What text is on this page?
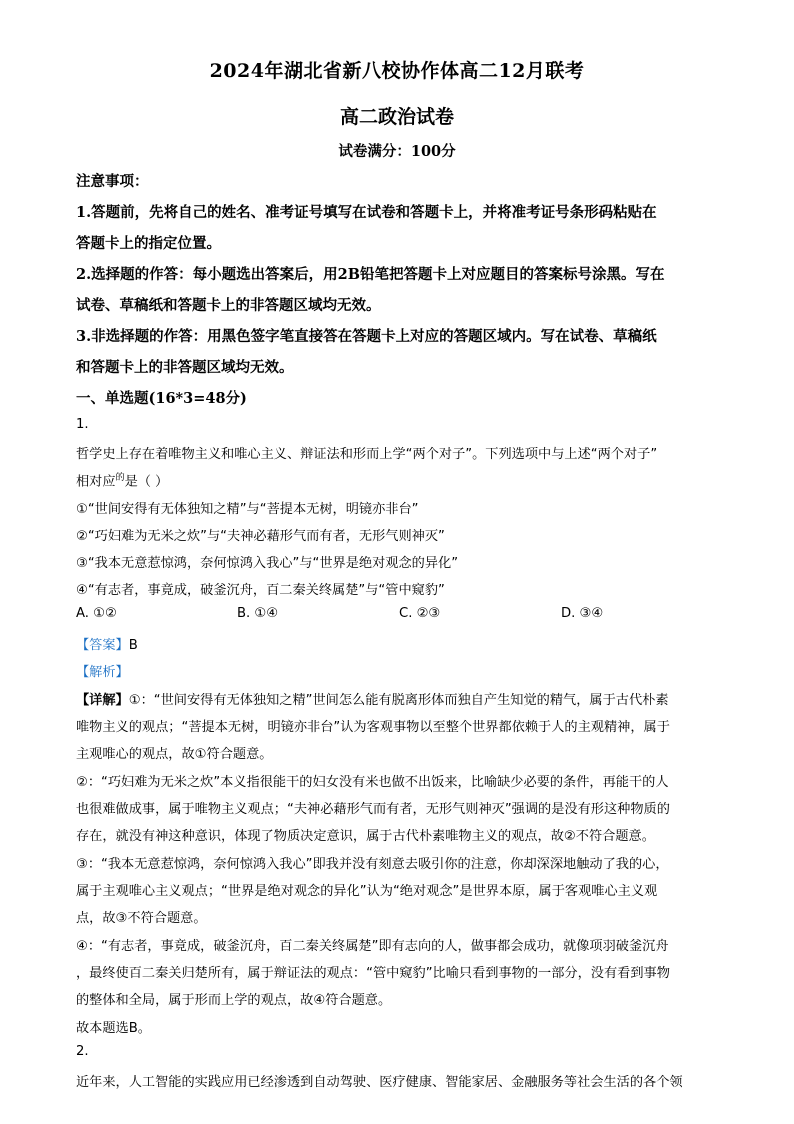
2024年湖北省新八校协作体高二12月联考
高二政治试卷
试卷满分：100分
注意事项：
1.答题前，先将自己的姓名、准考证号填写在试卷和答题卡上，并将准考证号条形码粘贴在
答题卡上的指定位置。
2.选择题的作答：每小题选出答案后，用2B铅笔把答题卡上对应题目的答案标号涂黑。写在
试卷、草稿纸和答题卡上的非答题区域均无效。
3.非选择题的作答：用黑色签字笔直接答在答题卡上对应的答题区域内。写在试卷、草稿纸
和答题卡上的非答题区域均无效。
一、单选题(16*3=48分)
1.
哲学史上存在着唯物主义和唯心主义、辩证法和形而上学“两个对子”。下列选项中与上述“两个对子”
相对应$^的$是（ ）
①“世间安得有无体独知之精”与“菩提本无树，明镜亦非台”
②“巧妇难为无米之炊”与“夫神必藉形气而有者，无形气则神灭”
③“我本无意惹惊鸿，奈何惊鸿入我心”与“世界是绝对观念的异化”
④“有志者，事竟成，破釜沉舟，百二秦关终属楚”与“管中窥豹”
A. ①②	B. ①④	C. ②③	D. ③④
【答案】B
【解析】
【详解】①：“世间安得有无体独知之精”世间怎么能有脱离形体而独自产生知觉的精气，属于古代朴素
唯物主义的观点；“菩提本无树，明镜亦非台”认为客观事物以至整个世界都依赖于人的主观精神，属于
主观唯心的观点，故①符合题意。
②：“巧妇难为无米之炊”本义指很能干的妇女没有米也做不出饭来，比喻缺少必要的条件，再能干的人
也很难做成事，属于唯物主义观点；“夫神必藉形气而有者，无形气则神灭”强调的是没有形这种物质的
存在，就没有神这种意识，体现了物质决定意识，属于古代朴素唯物主义的观点，故②不符合题意。
③：“我本无意惹惊鸿，奈何惊鸿入我心”即我并没有刻意去吸引你的注意，你却深深地触动了我的心，
属于主观唯心主义观点；“世界是绝对观念的异化”认为“绝对观念”是世界本原，属于客观唯心主义观
点，故③不符合题意。
④：“有志者，事竟成，破釜沉舟，百二秦关终属楚”即有志向的人，做事都会成功，就像项羽破釜沉舟
，最终使百二秦关归楚所有，属于辩证法的观点：“管中窥豹”比喻只看到事物的一部分，没有看到事物
的整体和全局，属于形而上学的观点，故④符合题意。
故本题选B。
2.
近年来，人工智能的实践应用已经渗透到自动驾驶、医疗健康、智能家居、金融服务等社会生活的各个领
